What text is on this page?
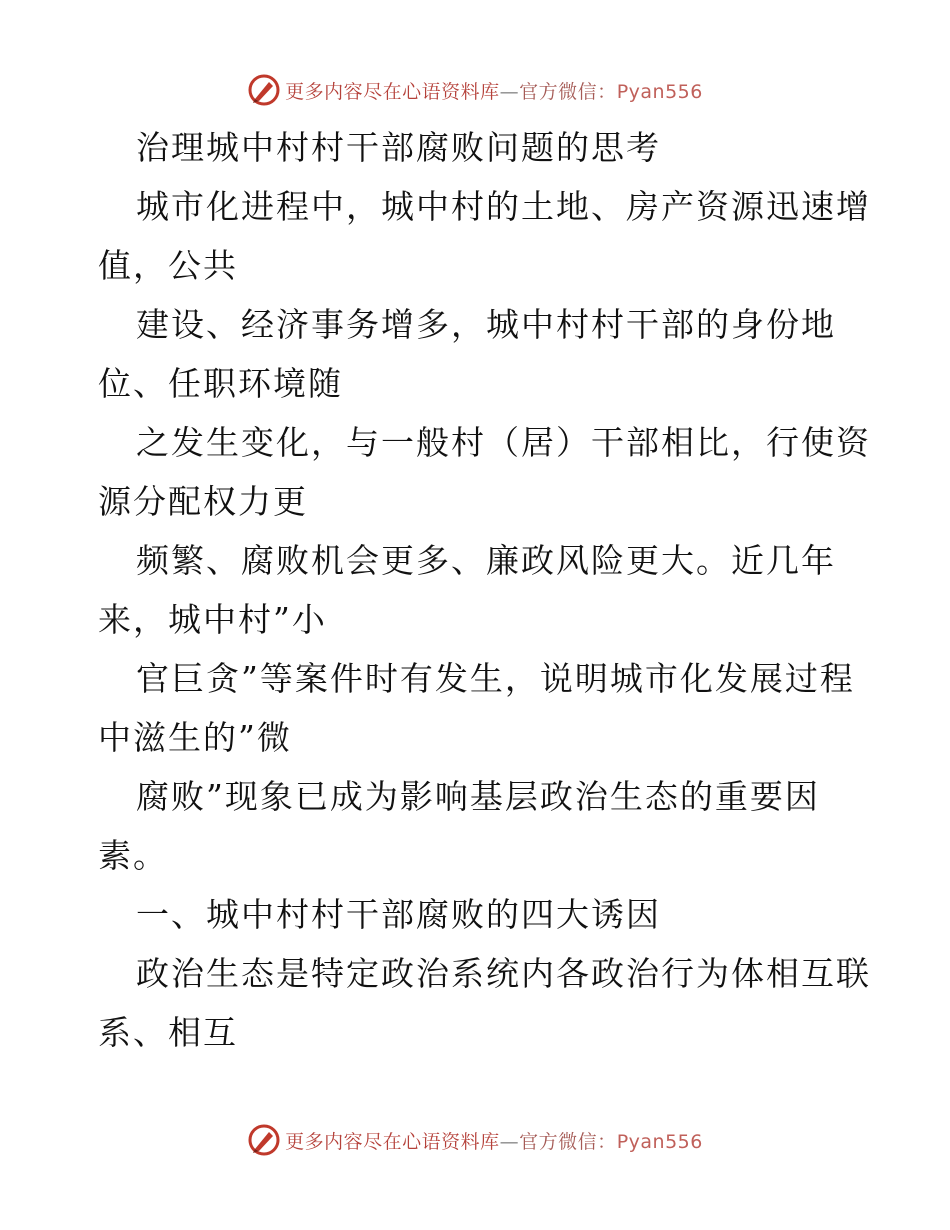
更多内容尽在心语资料库—官方微信：Pyan556
治理城中村村干部腐败问题的思考
城市化进程中，城中村的土地、房产资源迅速增
值，公共
建设、经济事务增多，城中村村干部的身份地
位、任职环境随
之发生变化，与一般村（居）干部相比，行使资
源分配权力更
频繁、腐败机会更多、廉政风险更大。近几年
来，城中村”小
官巨贪”等案件时有发生，说明城市化发展过程
中滋生的”微
腐败”现象已成为影响基层政治生态的重要因
素。
一、城中村村干部腐败的四大诱因
政治生态是特定政治系统内各政治行为体相互联
系、相互
更多内容尽在心语资料库—官方微信：Pyan556
